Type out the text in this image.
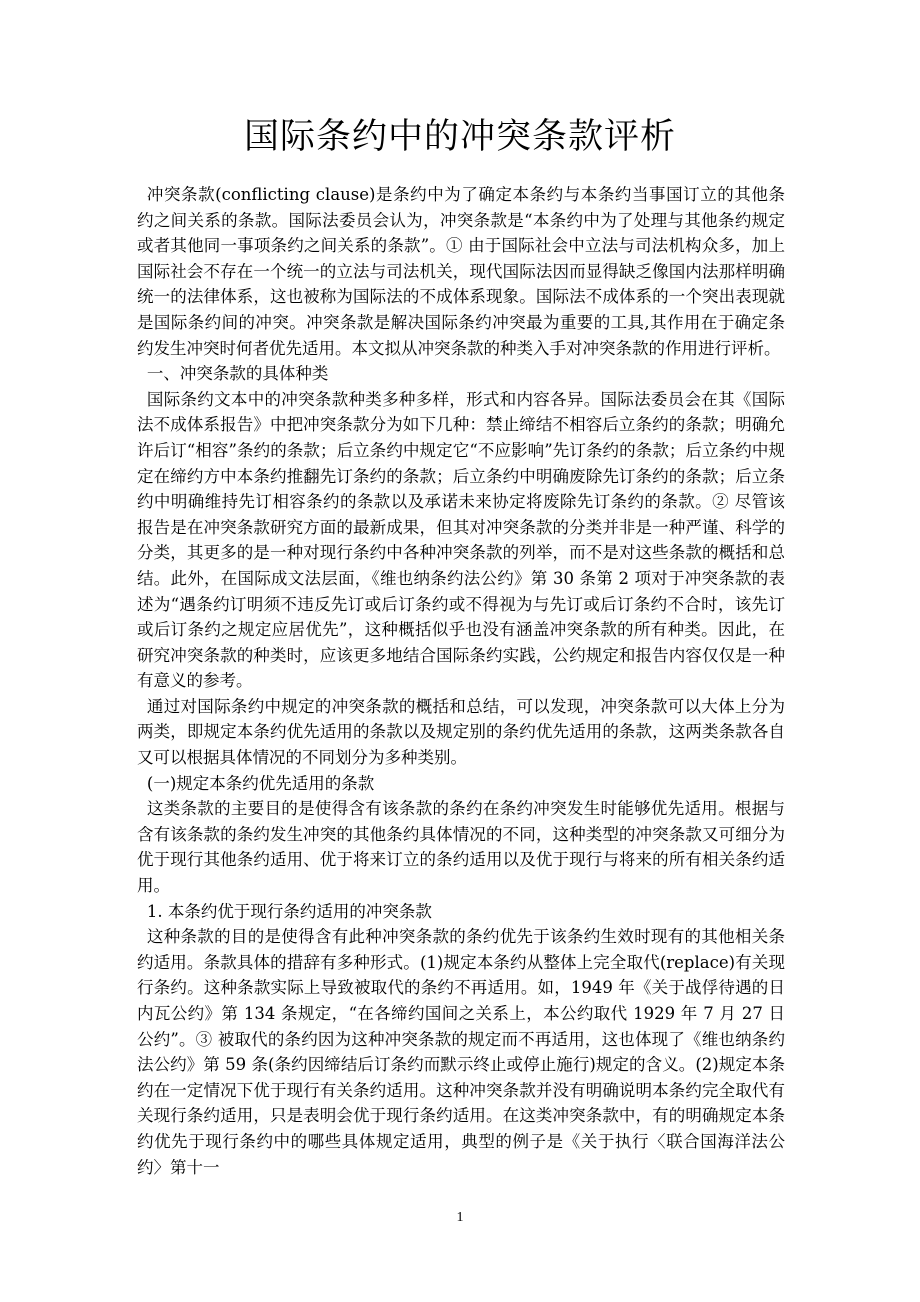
国际条约中的冲突条款评析

冲突条款(conflicting clause)是条约中为了确定本条约与本条约当事国订立的其他条约之间关系的条款。国际法委员会认为，冲突条款是“本条约中为了处理与其他条约规定或者其他同一事项条约之间关系的条款”。① 由于国际社会中立法与司法机构众多，加上国际社会不存在一个统一的立法与司法机关，现代国际法因而显得缺乏像国内法那样明确统一的法律体系，这也被称为国际法的不成体系现象。国际法不成体系的一个突出表现就是国际条约间的冲突。冲突条款是解决国际条约冲突最为重要的工具,其作用在于确定条约发生冲突时何者优先适用。本文拟从冲突条款的种类入手对冲突条款的作用进行评析。

一、冲突条款的具体种类

国际条约文本中的冲突条款种类多种多样，形式和内容各异。国际法委员会在其《国际法不成体系报告》中把冲突条款分为如下几种：禁止缔结不相容后立条约的条款；明确允许后订“相容”条约的条款；后立条约中规定它“不应影响”先订条约的条款；后立条约中规定在缔约方中本条约推翻先订条约的条款；后立条约中明确废除先订条约的条款；后立条约中明确维持先订相容条约的条款以及承诺未来协定将废除先订条约的条款。② 尽管该报告是在冲突条款研究方面的最新成果，但其对冲突条款的分类并非是一种严谨、科学的分类，其更多的是一种对现行条约中各种冲突条款的列举，而不是对这些条款的概括和总结。此外，在国际成文法层面，《维也纳条约法公约》第 30 条第 2 项对于冲突条款的表述为“遇条约订明须不违反先订或后订条约或不得视为与先订或后订条约不合时，该先订或后订条约之规定应居优先”，这种概括似乎也没有涵盖冲突条款的所有种类。因此，在研究冲突条款的种类时，应该更多地结合国际条约实践，公约规定和报告内容仅仅是一种有意义的参考。

通过对国际条约中规定的冲突条款的概括和总结，可以发现，冲突条款可以大体上分为两类，即规定本条约优先适用的条款以及规定别的条约优先适用的条款，这两类条款各自又可以根据具体情况的不同划分为多种类别。

(一)规定本条约优先适用的条款

这类条款的主要目的是使得含有该条款的条约在条约冲突发生时能够优先适用。根据与含有该条款的条约发生冲突的其他条约具体情况的不同，这种类型的冲突条款又可细分为优于现行其他条约适用、优于将来订立的条约适用以及优于现行与将来的所有相关条约适用。

1. 本条约优于现行条约适用的冲突条款

这种条款的目的是使得含有此种冲突条款的条约优先于该条约生效时现有的其他相关条约适用。条款具体的措辞有多种形式。(1)规定本条约从整体上完全取代(replace)有关现行条约。这种条款实际上导致被取代的条约不再适用。如，1949 年《关于战俘待遇的日内瓦公约》第 134 条规定，“在各缔约国间之关系上，本公约取代 1929 年 7 月 27 日公约”。③ 被取代的条约因为这种冲突条款的规定而不再适用，这也体现了《维也纳条约法公约》第 59 条(条约因缔结后订条约而默示终止或停止施行)规定的含义。(2)规定本条约在一定情况下优于现行有关条约适用。这种冲突条款并没有明确说明本条约完全取代有关现行条约适用，只是表明会优于现行条约适用。在这类冲突条款中，有的明确规定本条约优先于现行条约中的哪些具体规定适用，典型的例子是《关于执行〈联合国海洋法公约〉第十一

1
